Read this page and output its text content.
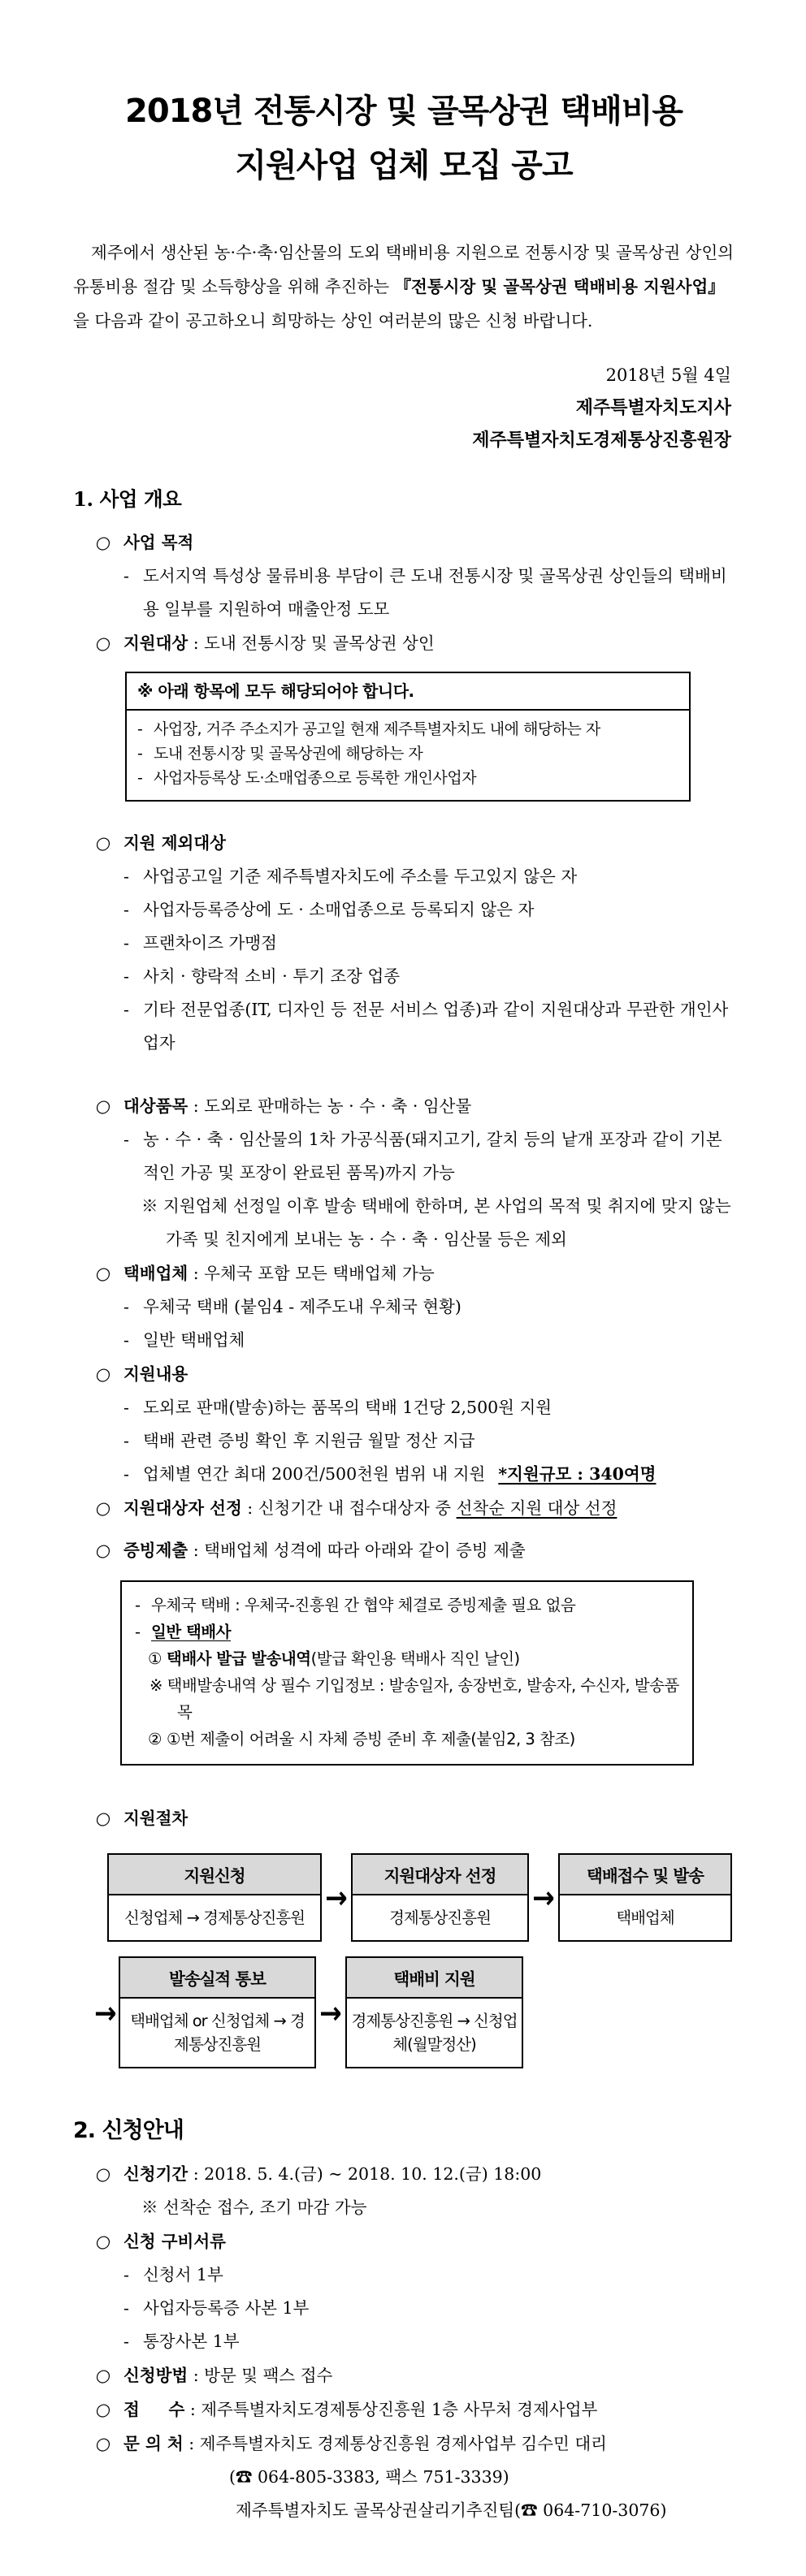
2018년 전통시장 및 골목상권 택배비용
지원사업 업체 모집 공고

제주에서 생산된 농·수·축·임산물의 도외 택배비용 지원으로 전통시장 및 골목상권 상인의 유통비용 절감 및 소득향상을 위해 추진하는 『전통시장 및 골목상권 택배비용 지원사업』을 다음과 같이 공고하오니 희망하는 상인 여러분의 많은 신청 바랍니다.

2018년 5월 4일

제주특별자치도지사

제주특별자치도경제통상진흥원장

1. 사업 개요

○ 사업 목적

- 도서지역 특성상 물류비용 부담이 큰 도내 전통시장 및 골목상권 상인들의 택배비용 일부를 지원하여 매출안정 도모

○ 지원대상 : 도내 전통시장 및 골목상권 상인

※ 아래 항목에 모두 해당되어야 합니다.

- 사업장, 거주 주소지가 공고일 현재 제주특별자치도 내에 해당하는 자

- 도내 전통시장 및 골목상권에 해당하는 자

- 사업자등록상 도·소매업종으로 등록한 개인사업자

○ 지원 제외대상

- 사업공고일 기준 제주특별자치도에 주소를 두고있지 않은 자

- 사업자등록증상에 도 · 소매업종으로 등록되지 않은 자

- 프랜차이즈 가맹점

- 사치 · 향락적 소비 · 투기 조장 업종

- 기타 전문업종(IT, 디자인 등 전문 서비스 업종)과 같이 지원대상과 무관한 개인사업자

○ 대상품목 : 도외로 판매하는 농 · 수 · 축 · 임산물

- 농 · 수 · 축 · 임산물의 1차 가공식품(돼지고기, 갈치 등의 낱개 포장과 같이 기본적인 가공 및 포장이 완료된 품목)까지 가능

※ 지원업체 선정일 이후 발송 택배에 한하며, 본 사업의 목적 및 취지에 맞지 않는 가족 및 친지에게 보내는 농 · 수 · 축 · 임산물 등은 제외

○ 택배업체 : 우체국 포함 모든 택배업체 가능

- 우체국 택배 (붙임4 - 제주도내 우체국 현황)

- 일반 택배업체

○ 지원내용

- 도외로 판매(발송)하는 품목의 택배 1건당 2,500원 지원

- 택배 관련 증빙 확인 후 지원금 월말 정산 지급

- 업체별 연간 최대 200건/500천원 범위 내 지원 *지원규모 : 340여명

○ 지원대상자 선정 : 신청기간 내 접수대상자 중 선착순 지원 대상 선정

○ 증빙제출 : 택배업체 성격에 따라 아래와 같이 증빙 제출

- 우체국 택배 : 우체국-진흥원 간 협약 체결로 증빙제출 필요 없음

- 일반 택배사

① 택배사 발급 발송내역(발급 확인용 택배사 직인 날인)

※ 택배발송내역 상 필수 기입정보 : 발송일자, 송장번호, 발송자, 수신자, 발송품목

② ①번 제출이 어려울 시 자체 증빙 준비 후 제출(붙임2, 3 참조)

○ 지원절차

지원신청
신청업체 → 경제통상진흥원
→
지원대상자 선정
경제통상진흥원
→
택배접수 및 발송
택배업체
→
발송실적 통보
택배업체 or 신청업체 → 경제통상진흥원
→
택배비 지원
경제통상진흥원 → 신청업체(월말정산)
2. 신청안내

○ 신청기간 : 2018. 5. 4.(금) ~ 2018. 10. 12.(금) 18:00

※ 선착순 접수, 조기 마감 가능

○ 신청 구비서류

- 신청서 1부

- 사업자등록증 사본 1부

- 통장사본 1부

○ 신청방법 : 방문 및 팩스 접수

○ 접     수 : 제주특별자치도경제통상진흥원 1층 사무처 경제사업부

○ 문 의 처 : 제주특별자치도 경제통상진흥원 경제사업부 김수민 대리

(☎ 064-805-3383, 팩스 751-3339)

제주특별자치도 골목상권살리기추진팀(☎ 064-710-3076)
